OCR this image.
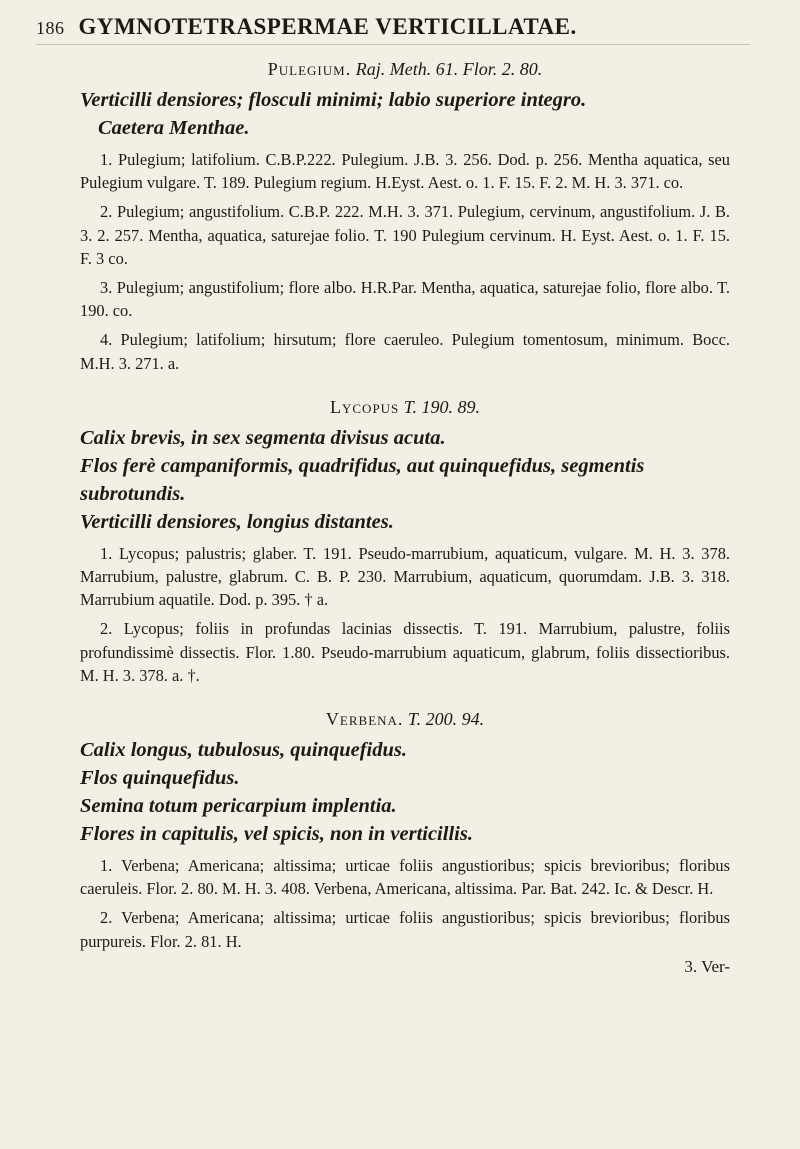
186 GYMNOTETRASPERMAE VERTICILLATAE.
Pulegium. Raj. Meth. 61. Flor. 2. 80.

Verticilli densiores; flosculi minimi; labio superiore integro.

Caetera Menthae.

1. Pulegium; latifolium. C.B.P.222. Pulegium. J.B. 3. 256. Dod. p. 256. Mentha aquatica, seu Pulegium vulgare. T. 189. Pulegium regium. H.Eyst. Aest. o. 1. F. 15. F. 2. M. H. 3. 371. co.

2. Pulegium; angustifolium. C.B.P. 222. M.H. 3. 371. Pulegium, cervinum, angustifolium. J. B. 3. 2. 257. Mentha, aquatica, saturejae folio. T. 190 Pulegium cervinum. H. Eyst. Aest. o. 1. F. 15. F. 3 co.

3. Pulegium; angustifolium; flore albo. H.R.Par. Mentha, aquatica, saturejae folio, flore albo. T. 190. co.

4. Pulegium; latifolium; hirsutum; flore caeruleo. Pulegium tomentosum, minimum. Bocc. M.H. 3. 271. a.

Lycopus T. 190. 89.

Calix brevis, in sex segmenta divisus acuta.

Flos ferè campaniformis, quadrifidus, aut quinquefidus, segmentis subrotundis.

Verticilli densiores, longius distantes.

1. Lycopus; palustris; glaber. T. 191. Pseudo-marrubium, aquaticum, vulgare. M. H. 3. 378. Marrubium, palustre, glabrum. C. B. P. 230. Marrubium, aquaticum, quorumdam. J.B. 3. 318. Marrubium aquatile. Dod. p. 395. † a.

2. Lycopus; foliis in profundas lacinias dissectis. T. 191. Marrubium, palustre, foliis profundissimè dissectis. Flor. 1.80. Pseudo-marrubium aquaticum, glabrum, foliis dissectioribus. M. H. 3. 378. a. †.

Verbena. T. 200. 94.

Calix longus, tubulosus, quinquefidus.

Flos quinquefidus.

Semina totum pericarpium implentia.

Flores in capitulis, vel spicis, non in verticillis.

1. Verbena; Americana; altissima; urticae foliis angustioribus; spicis brevioribus; floribus caeruleis. Flor. 2. 80. M. H. 3. 408. Verbena, Americana, altissima. Par. Bat. 242. Ic. & Descr. H.

2. Verbena; Americana; altissima; urticae foliis angustioribus; spicis brevioribus; floribus purpureis. Flor. 2. 81. H.

3. Ver-
